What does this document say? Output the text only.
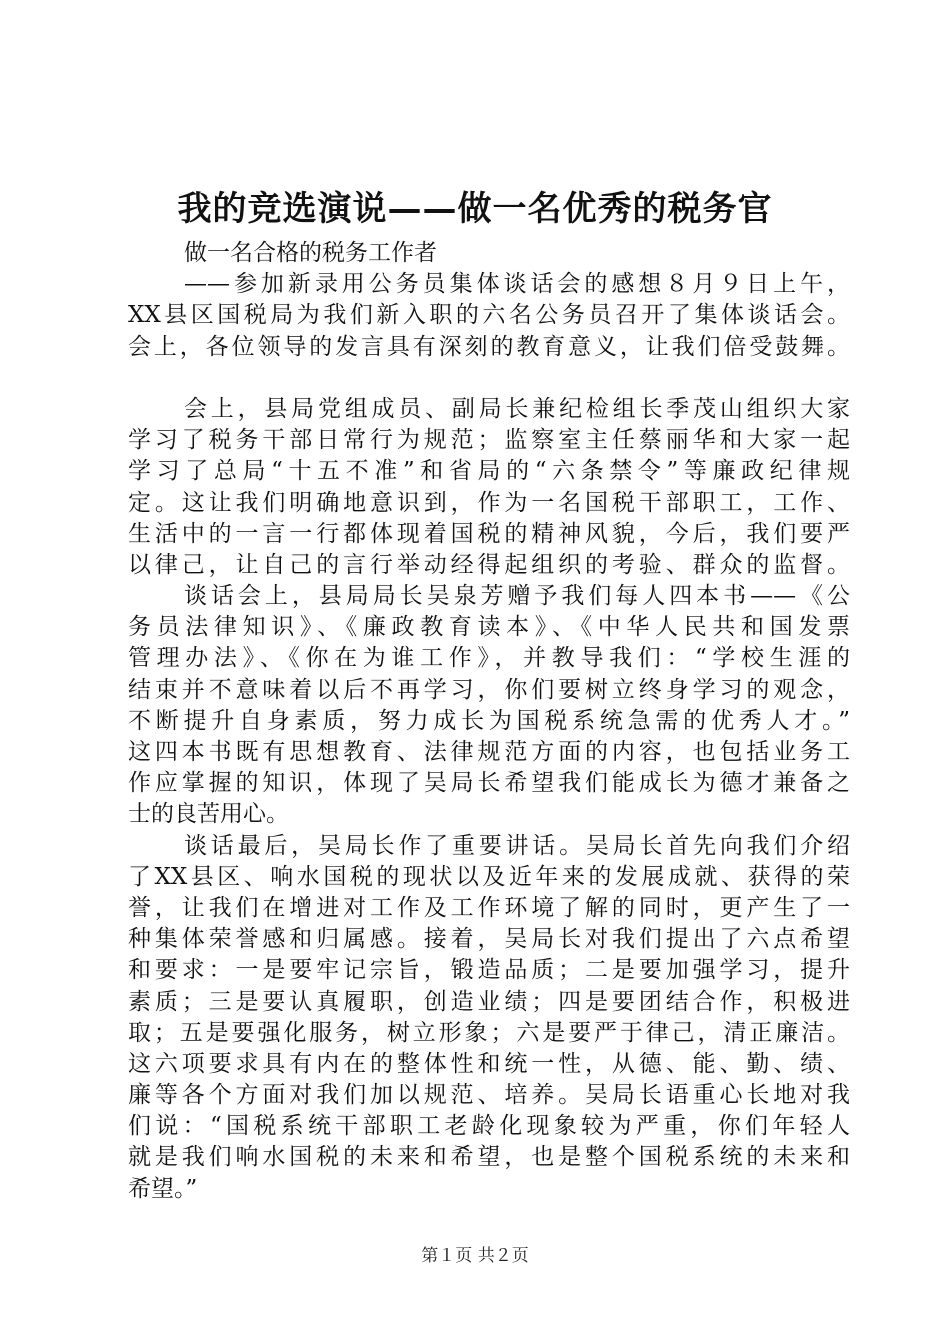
我的竞选演说——做一名优秀的税务官
做一名合格的税务工作者
——参加新录用公务员集体谈话会的感想８月９日上午，
XX县区国税局为我们新入职的六名公务员召开了集体谈话会。
会上，各位领导的发言具有深刻的教育意义，让我们倍受鼓舞。
会上，县局党组成员、副局长兼纪检组长季茂山组织大家
学习了税务干部日常行为规范；监察室主任蔡丽华和大家一起
学习了总局“十五不准”和省局的“六条禁令”等廉政纪律规
定。这让我们明确地意识到，作为一名国税干部职工，工作、
生活中的一言一行都体现着国税的精神风貌，今后，我们要严
以律己，让自己的言行举动经得起组织的考验、群众的监督。
谈话会上，县局局长吴泉芳赠予我们每人四本书——《公
务员法律知识》、《廉政教育读本》、《中华人民共和国发票
管理办法》、《你在为谁工作》，并教导我们：“学校生涯的
结束并不意味着以后不再学习，你们要树立终身学习的观念，
不断提升自身素质，努力成长为国税系统急需的优秀人才。”
这四本书既有思想教育、法律规范方面的内容，也包括业务工
作应掌握的知识，体现了吴局长希望我们能成长为德才兼备之
士的良苦用心。
谈话最后，吴局长作了重要讲话。吴局长首先向我们介绍
了XX县区、响水国税的现状以及近年来的发展成就、获得的荣
誉，让我们在增进对工作及工作环境了解的同时，更产生了一
种集体荣誉感和归属感。接着，吴局长对我们提出了六点希望
和要求：一是要牢记宗旨，锻造品质；二是要加强学习，提升
素质；三是要认真履职，创造业绩；四是要团结合作，积极进
取；五是要强化服务，树立形象；六是要严于律己，清正廉洁。
这六项要求具有内在的整体性和统一性，从德、能、勤、绩、
廉等各个方面对我们加以规范、培养。吴局长语重心长地对我
们说：“国税系统干部职工老龄化现象较为严重，你们年轻人
就是我们响水国税的未来和希望，也是整个国税系统的未来和
希望。”
第１页 共２页
